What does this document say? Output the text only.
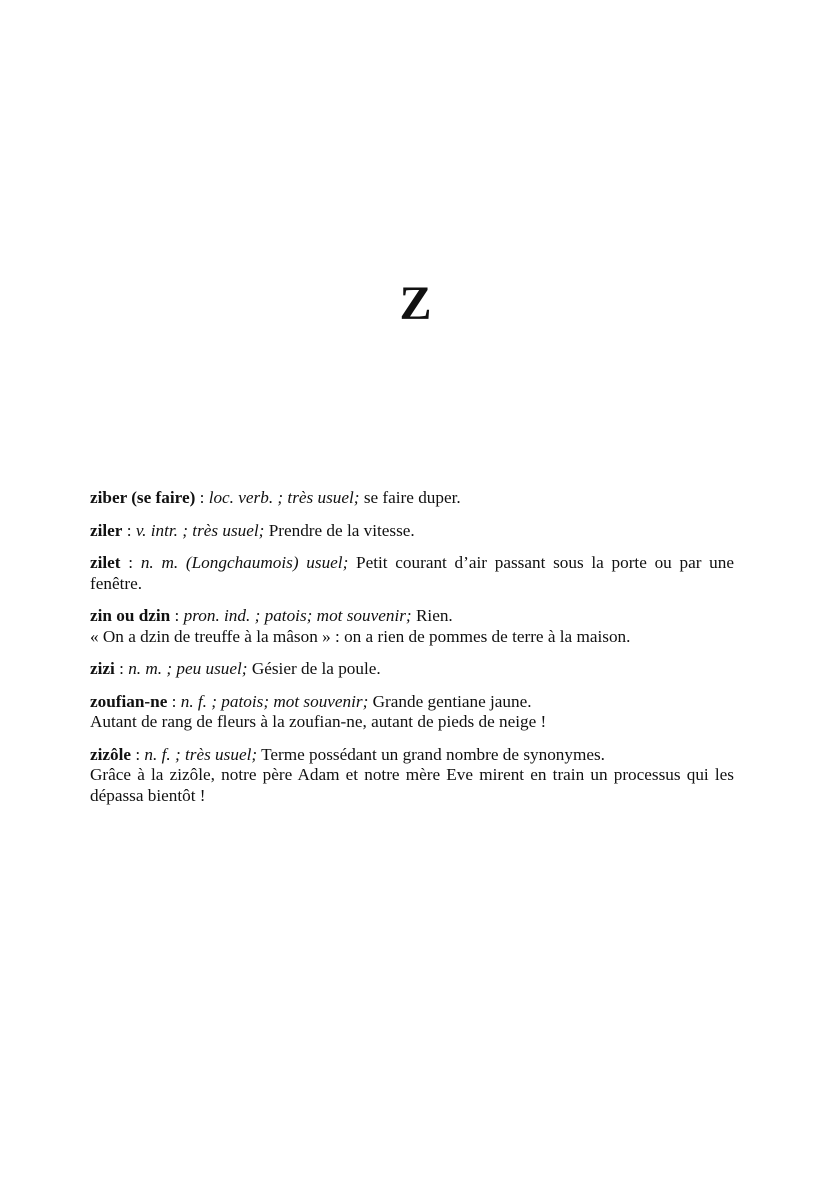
Z

ziber (se faire) : loc. verb. ; très usuel; se faire duper.

ziler : v. intr. ; très usuel; Prendre de la vitesse.

zilet : n. m. (Longchaumois) usuel; Petit courant d’air passant sous la porte ou par une fenêtre.

zin ou dzin : pron. ind. ; patois; mot souvenir; Rien.

« On a dzin de treuffe à la mâson » : on a rien de pommes de terre à la maison.

zizi : n. m. ; peu usuel; Gésier de la poule.

zoufian-ne : n. f. ; patois; mot souvenir; Grande gentiane jaune.

Autant de rang de fleurs à la zoufian-ne, autant de pieds de neige !

zizôle : n. f. ; très usuel; Terme possédant un grand nombre de synonymes.

Grâce à la zizôle, notre père Adam et notre mère Eve mirent en train un processus qui les dépassa bientôt !
